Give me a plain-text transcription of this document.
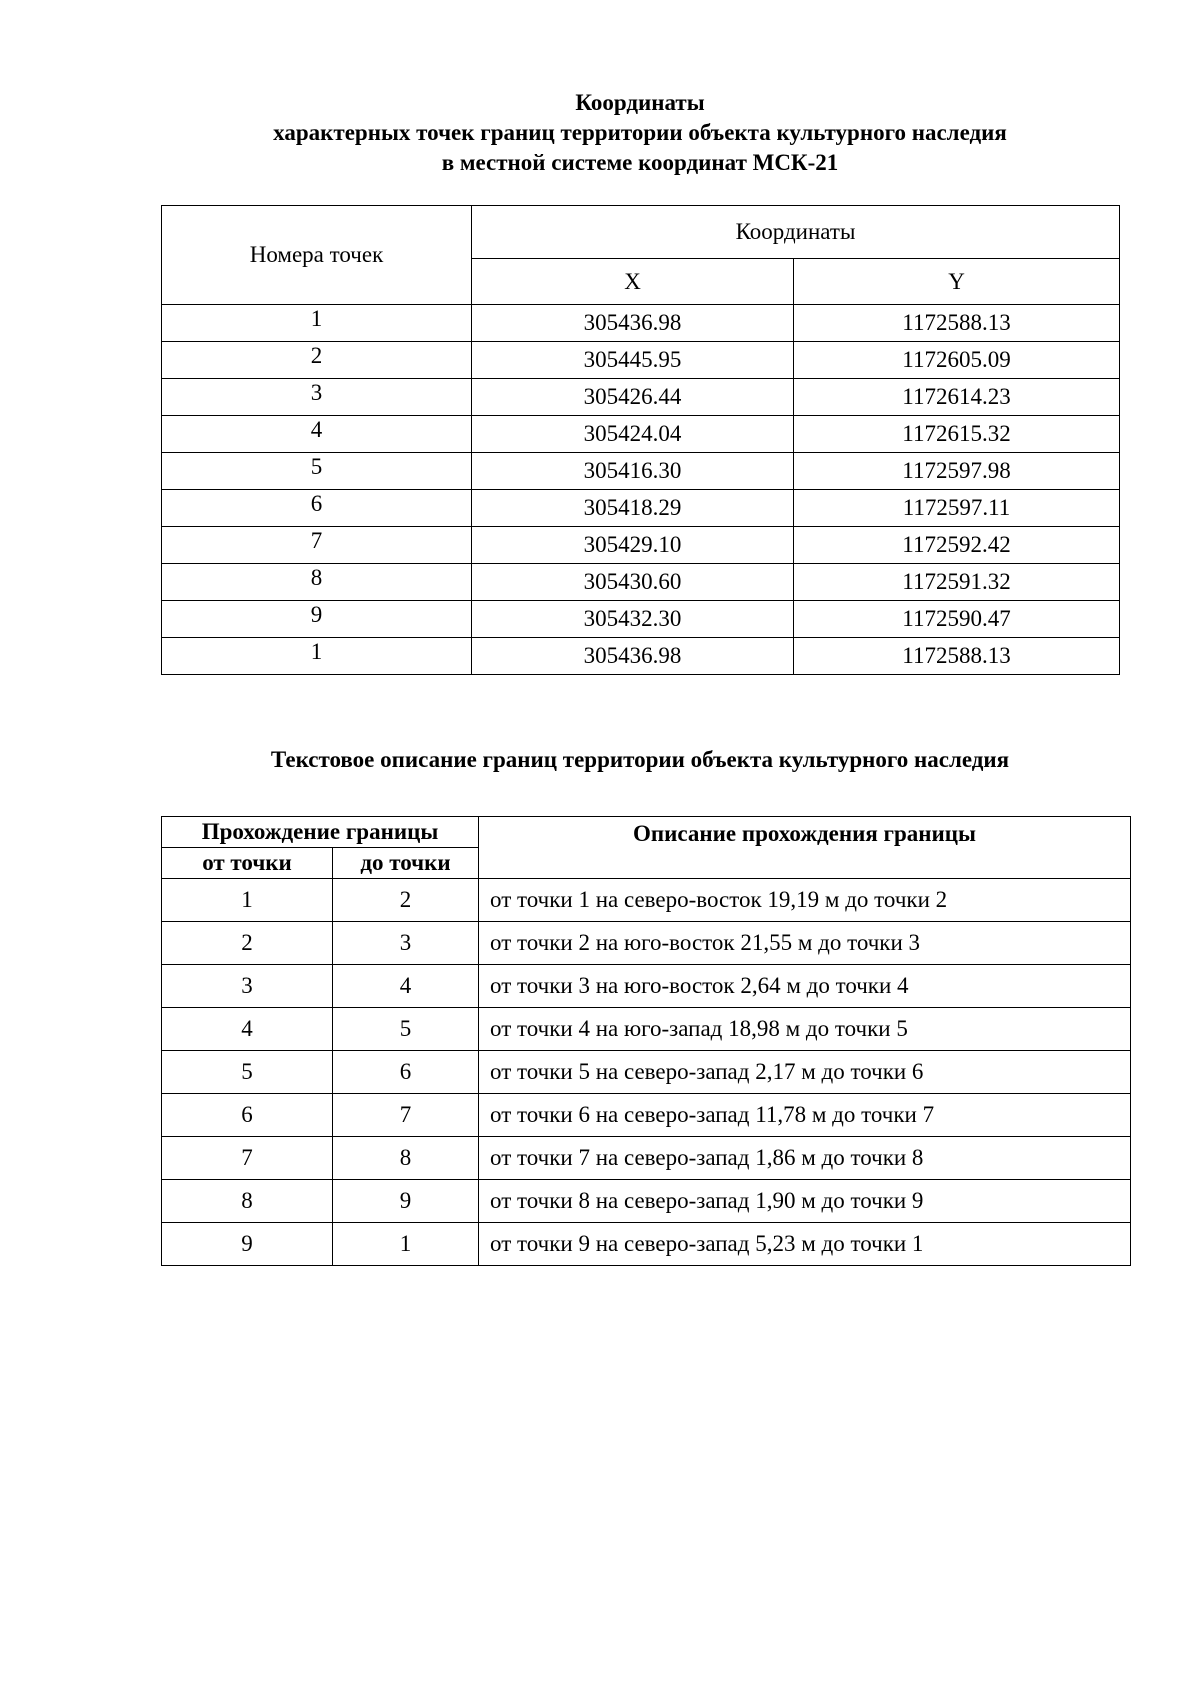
Координаты
характерных точек границ территории объекта культурного наследия
в местной системе координат МСК-21
Номера точек	Координаты	
	X	Y
1	305436.98	1172588.13
2	305445.95	1172605.09
3	305426.44	1172614.23
4	305424.04	1172615.32
5	305416.30	1172597.98
6	305418.29	1172597.11
7	305429.10	1172592.42
8	305430.60	1172591.32
9	305432.30	1172590.47
1	305436.98	1172588.13
Текстовое описание границ территории объекта культурного наследия
Прохождение границы		Описание прохождения границы
от точки	до точки	
1	2	от точки 1 на северо-восток 19,19 м до точки 2
2	3	от точки 2 на юго-восток 21,55 м до точки 3
3	4	от точки 3 на юго-восток 2,64 м до точки 4
4	5	от точки 4 на юго-запад 18,98 м до точки 5
5	6	от точки 5 на северо-запад 2,17 м до точки 6
6	7	от точки 6 на северо-запад 11,78 м до точки 7
7	8	от точки 7 на северо-запад 1,86 м до точки 8
8	9	от точки 8 на северо-запад 1,90 м до точки 9
9	1	от точки 9 на северо-запад 5,23 м до точки 1
